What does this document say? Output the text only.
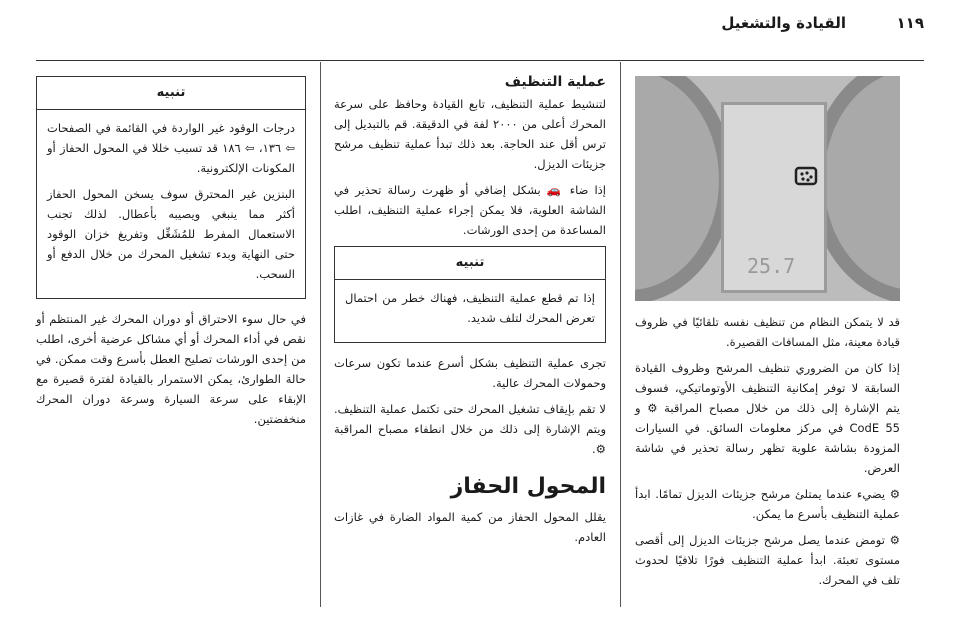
١١٩
القيادة والتشغيل
25.7

قد لا يتمكن النظام من تنظيف نفسه تلقائيًا في ظروف قيادة معينة، مثل المسافات القصيرة.

إذا كان من الضروري تنظيف المرشح وظروف القيادة السابقة لا توفر إمكانية التنظيف الأوتوماتيكي، فسوف يتم الإشارة إلى ذلك من خلال مصباح المراقبة ⚙ و CodE 55 في مركز معلومات السائق. في السيارات المزودة بشاشة علوية تظهر رسالة تحذير في شاشة العرض.

⚙ يضيء عندما يمتلئ مرشح جزيئات الديزل تمامًا. ابدأ عملية التنظيف بأسرع ما يمكن.

⚙ تومض عندما يصل مرشح جزيئات الديزل إلى أقصى مستوى تعبئة. ابدأ عملية التنظيف فورًا تلافيًا لحدوث تلف في المحرك.

عملية التنظيف

لتنشيط عملية التنظيف، تابع القيادة وحافظ على سرعة المحرك أعلى من ٢٠٠٠ لفة في الدقيقة. قم بالتبديل إلى ترس أقل عند الحاجة. بعد ذلك تبدأ عملية تنظيف مرشح جزيئات الديزل.

إذا ضاء 🚗 بشكل إضافي أو ظهرت رسالة تحذير في الشاشة العلوية، فلا يمكن إجراء عملية التنظيف، اطلب المساعدة من إحدى الورشات.

تنبيه

إذا تم قطع عملية التنظيف، فهناك خطر من احتمال تعرض المحرك لتلف شديد.

تجرى عملية التنظيف بشكل أسرع عندما تكون سرعات وحمولات المحرك عالية.

لا تقم بإيقاف تشغيل المحرك حتى تكتمل عملية التنظيف. ويتم الإشارة إلى ذلك من خلال انطفاء مصباح المراقبة ⚙.

المحول الحفاز

يقلل المحول الحفاز من كمية المواد الضارة في غازات العادم.

تنبيه

درجات الوقود غير الواردة في القائمة في الصفحات ⇦ ١٣٦، ⇦ ١٨٦ قد تسبب خللا في المحول الحفاز أو المكونات الإلكترونية.

البنزين غير المحترق سوف يسخن المحول الحفاز أكثر مما ينبغي ويصيبه بأعطال. لذلك تجنب الاستعمال المفرط للمُشَغِّل وتفريغ خزان الوقود حتى النهاية وبدء تشغيل المحرك من خلال الدفع أو السحب.

في حال سوء الاحتراق أو دوران المحرك غير المنتظم أو نقص في أداء المحرك أو أي مشاكل عرضية أخرى، اطلب من إحدى الورشات تصليح العطل بأسرع وقت ممكن. في حالة الطوارئ، يمكن الاستمرار بالقيادة لفترة قصيرة مع الإبقاء على سرعة السيارة وسرعة دوران المحرك منخفضتين.
